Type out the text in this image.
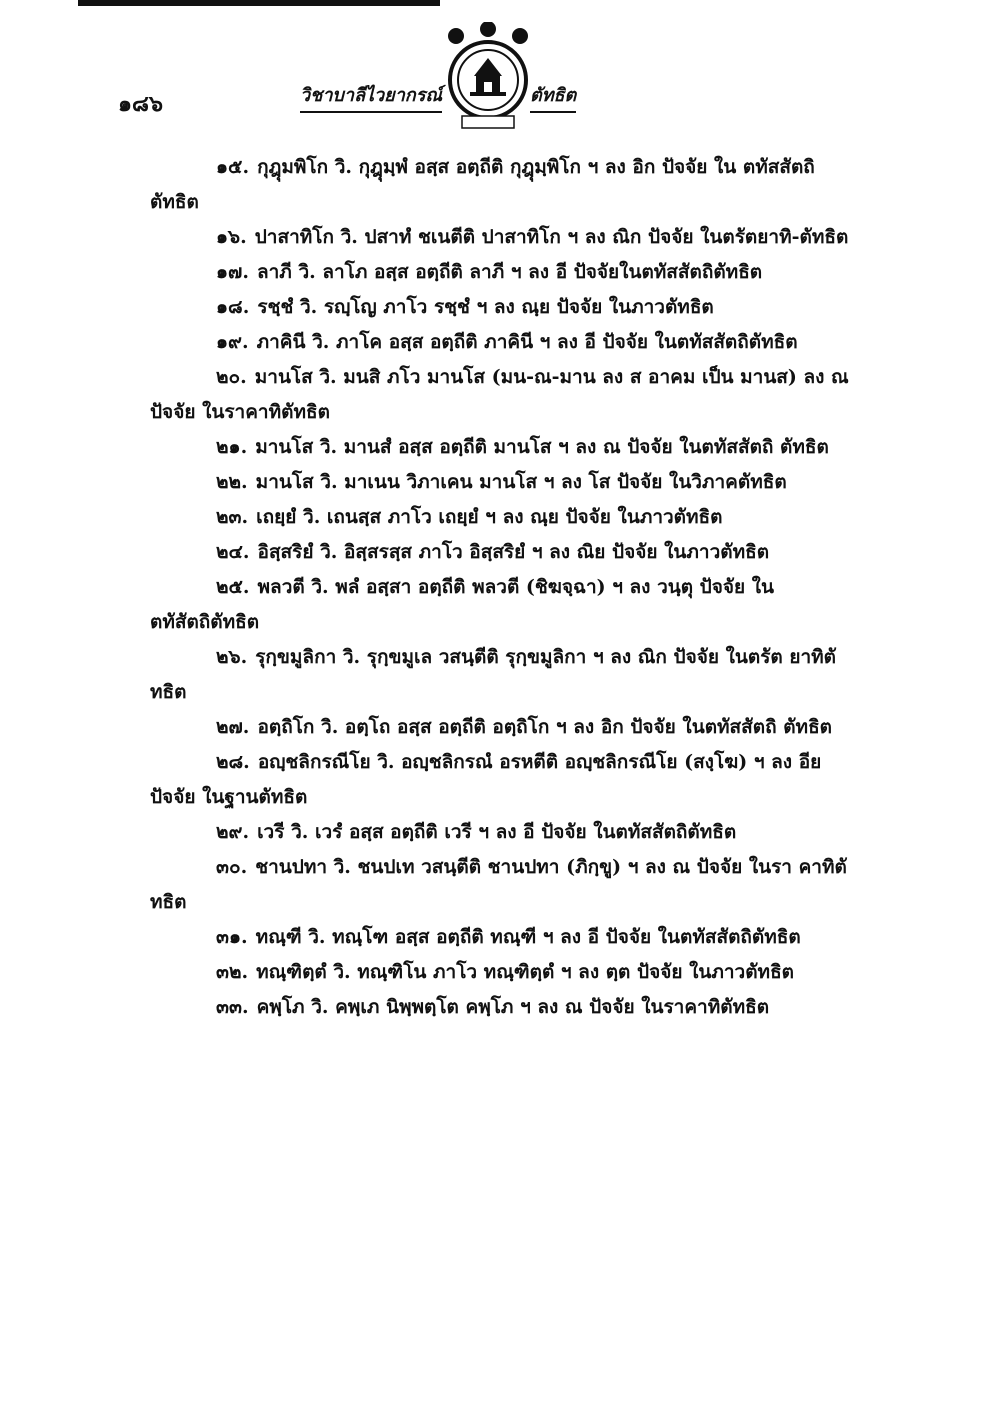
๑๘๖	วิชาบาลีไวยากรณ์	ตัทธิต

๑๕. กุฎุมพิโก วิ. กุฎุมฺพํ อสฺส อตฺถีติ กุฎุมฺพิโก ฯ ลง อิก ปัจจัย ใน ตทัสสัตถิตัทธิต

๑๖. ปาสาทิโก วิ. ปสาทํ ชเนตีติ ปาสาทิโก ฯ ลง ณิก ปัจจัย ในตรัตยาทิ-ตัทธิต

๑๗. ลาภี วิ. ลาโภ อสฺส อตฺถีติ ลาภี ฯ ลง อี ปัจจัยในตทัสสัตถิตัทธิต

๑๘. รชฺชํ วิ. รญฺโญ ภาโว รชฺชํ ฯ ลง ณฺย ปัจจัย ในภาวตัทธิต

๑๙. ภาคินี วิ. ภาโค อสฺส อตฺถีติ ภาคินี ฯ ลง อี ปัจจัย ในตทัสสัตถิตัทธิต

๒๐. มานโส วิ. มนสิ ภโว มานโส (มน-ณ-มาน ลง ส อาคม เป็น มานส) ลง ณ ปัจจัย ในราคาทิตัทธิต

๒๑. มานโส วิ. มานสํ อสฺส อตฺถีติ มานโส ฯ ลง ณ ปัจจัย ในตทัสสัตถิ ตัทธิต

๒๒. มานโส วิ. มาเนน วิภาเคน มานโส ฯ ลง โส ปัจจัย ในวิภาคตัทธิต

๒๓. เถยฺยํ วิ. เถนสฺส ภาโว เถยฺยํ ฯ ลง ณฺย ปัจจัย ในภาวตัทธิต

๒๔. อิสฺสริยํ วิ. อิสฺสรสฺส ภาโว อิสฺสริยํ ฯ ลง ณิย ปัจจัย ในภาวตัทธิต

๒๕. พลวตี วิ. พลํ อสฺสา อตฺถีติ พลวตี (ชิฆจฺฉา) ฯ ลง วนฺตุ ปัจจัย ใน ตทัสัตถิตัทธิต

๒๖. รุกฺขมูลิกา วิ. รุกฺขมูเล วสนฺตีติ รุกฺขมูลิกา ฯ ลง ณิก ปัจจัย ในตรัต ยาทิตัทธิต

๒๗. อตฺถิโก วิ. อตฺโถ อสฺส อตฺถีติ อตฺถิโก ฯ ลง อิก ปัจจัย ในตทัสสัตถิ ตัทธิต

๒๘. อญฺชลิกรณีโย วิ. อญฺชลิกรณํ อรหตีติ อญฺชลิกรณีโย (สงฺโฆ) ฯ ลง อีย ปัจจัย ในฐานตัทธิต

๒๙. เวรี วิ. เวรํ อสฺส อตฺถีติ เวรี ฯ ลง อี ปัจจัย ในตทัสสัตถิตัทธิต

๓๐. ชานปทา วิ. ชนปเท วสนฺตีติ ชานปทา (ภิกฺขู) ฯ ลง ณ ปัจจัย ในรา คาทิตัทธิต

๓๑. ทณฺฑี วิ. ทณฺโฑ อสฺส อตฺถีติ ทณฺฑี ฯ ลง อี ปัจจัย ในตทัสสัตถิตัทธิต

๓๒. ทณฺฑิตฺตํ วิ. ทณฺฑิโน ภาโว ทณฺฑิตฺตํ ฯ ลง ตฺต ปัจจัย ในภาวตัทธิต

๓๓. คพฺโภ วิ. คพฺเภ นิพฺพตฺโต คพฺโภ ฯ ลง ณ ปัจจัย ในราคาทิตัทธิต
